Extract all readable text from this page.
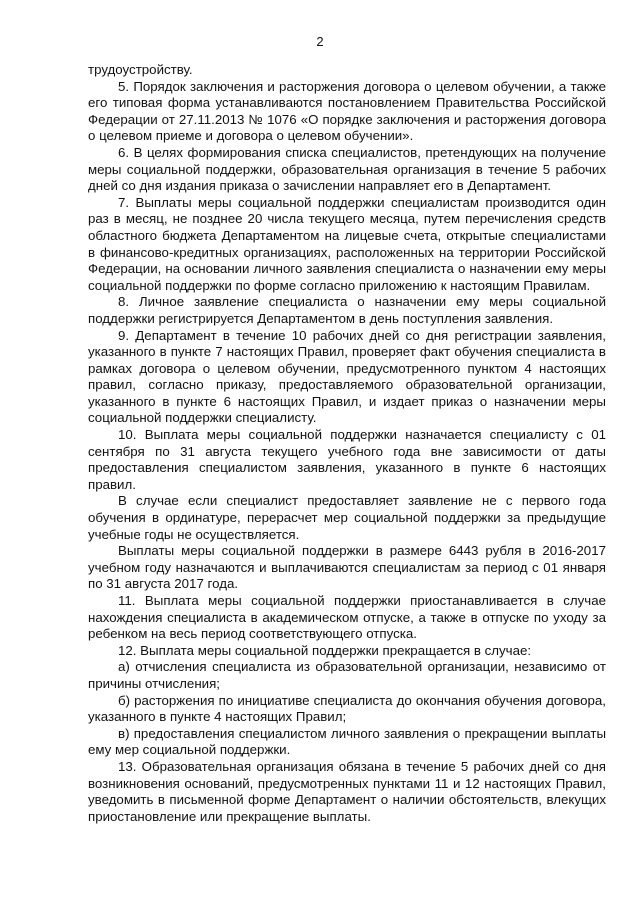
2

трудоустройству.

5. Порядок заключения и расторжения договора о целевом обучении, а также его типовая форма устанавливаются постановлением Правительства Российской Федерации от 27.11.2013 № 1076 «О порядке заключения и расторжения договора о целевом приеме и договора о целевом обучении».

6. В целях формирования списка специалистов, претендующих на получение меры социальной поддержки, образовательная организация в течение 5 рабочих дней со дня издания приказа о зачислении направляет его в Департамент.

7. Выплаты меры социальной поддержки специалистам производится один раз в месяц, не позднее 20 числа текущего месяца, путем перечисления средств областного бюджета Департаментом на лицевые счета, открытые специалистами в финансово-кредитных организациях, расположенных на территории Российской Федерации, на основании личного заявления специалиста о назначении ему меры социальной поддержки по форме согласно приложению к настоящим Правилам.

8. Личное заявление специалиста о назначении ему меры социальной поддержки регистрируется Департаментом в день поступления заявления.

9. Департамент в течение 10 рабочих дней со дня регистрации заявления, указанного в пункте 7 настоящих Правил, проверяет факт обучения специалиста в рамках договора о целевом обучении, предусмотренного пунктом 4 настоящих правил, согласно приказу, предоставляемого образовательной организации, указанного в пункте 6 настоящих Правил, и издает приказ о назначении меры социальной поддержки специалисту.

10. Выплата меры социальной поддержки назначается специалисту с 01 сентября по 31 августа текущего учебного года вне зависимости от даты предоставления специалистом заявления, указанного в пункте 6 настоящих правил.

В случае если специалист предоставляет заявление не с первого года обучения в ординатуре, перерасчет мер социальной поддержки за предыдущие учебные годы не осуществляется.

Выплаты меры социальной поддержки в размере 6443 рубля в 2016-2017 учебном году назначаются и выплачиваются специалистам за период с 01 января по 31 августа 2017 года.

11. Выплата меры социальной поддержки приостанавливается в случае нахождения специалиста в академическом отпуске, а также в отпуске по уходу за ребенком на весь период соответствующего отпуска.

12. Выплата меры социальной поддержки прекращается в случае:

а) отчисления специалиста из образовательной организации, независимо от причины отчисления;

б) расторжения по инициативе специалиста до окончания обучения договора, указанного в пункте 4 настоящих Правил;

в) предоставления специалистом личного заявления о прекращении выплаты ему мер социальной поддержки.

13. Образовательная организация обязана в течение 5 рабочих дней со дня возникновения оснований, предусмотренных пунктами 11 и 12 настоящих Правил, уведомить в письменной форме Департамент о наличии обстоятельств, влекущих приостановление или прекращение выплаты.
